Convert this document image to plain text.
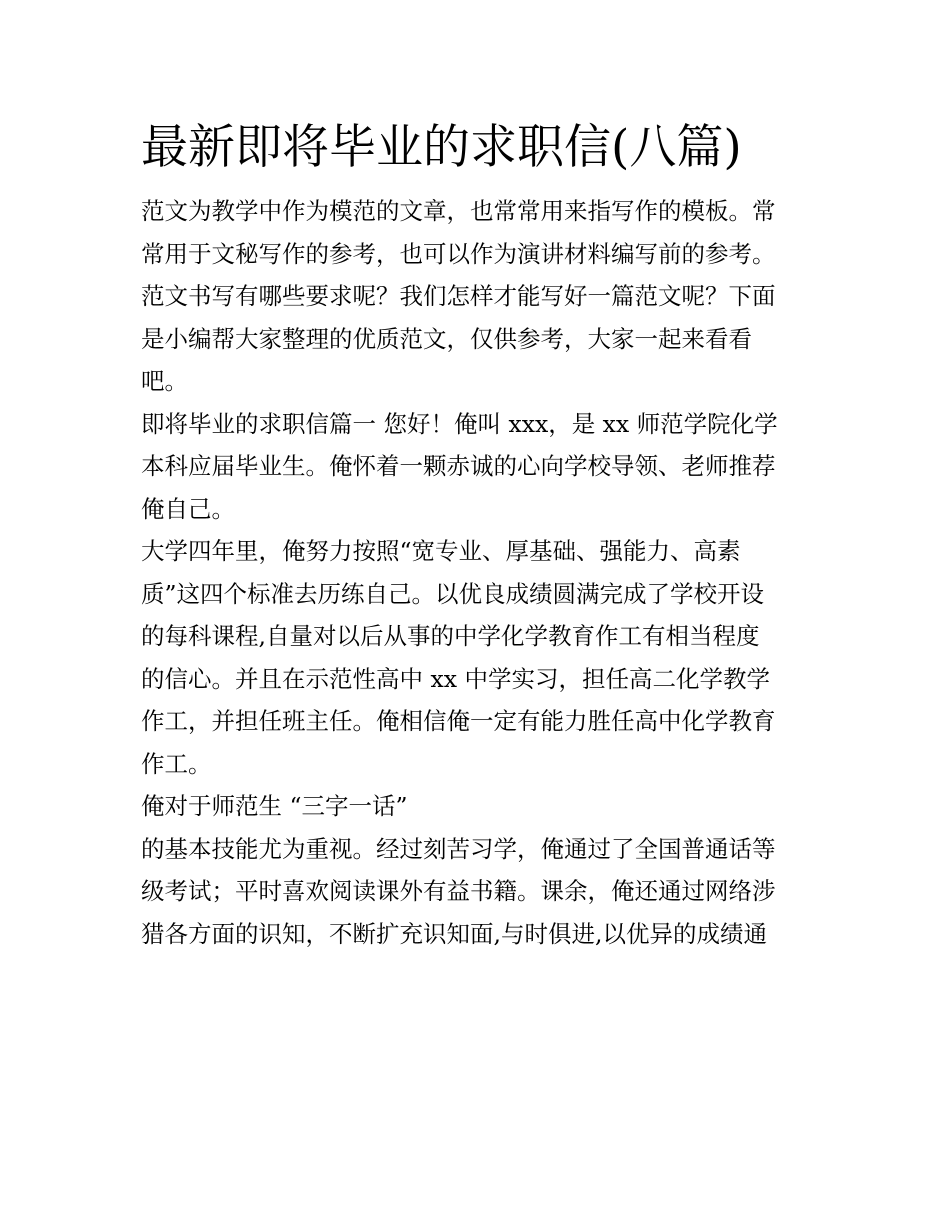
最新即将毕业的求职信(八篇)
范文为教学中作为模范的文章，也常常用来指写作的模板。常
常用于文秘写作的参考，也可以作为演讲材料编写前的参考。
范文书写有哪些要求呢？我们怎样才能写好一篇范文呢？下面
是小编帮大家整理的优质范文，仅供参考，大家一起来看看
吧。
即将毕业的求职信篇一 您好！俺叫 xxx，是 xx 师范学院化学
本科应届毕业生。俺怀着一颗赤诚的心向学校导领、老师推荐
俺自己。
大学四年里，俺努力按照“宽专业、厚基础、强能力、高素
质”这四个标准去历练自己。以优良成绩圆满完成了学校开设
的每科课程,自量对以后从事的中学化学教育作工有相当程度
的信心。并且在示范性高中 xx 中学实习，担任高二化学教学
作工，并担任班主任。俺相信俺一定有能力胜任高中化学教育
作工。
俺对于师范生 “三字一话”
的基本技能尤为重视。经过刻苦习学，俺通过了全国普通话等
级考试；平时喜欢阅读课外有益书籍。课余，俺还通过网络涉
猎各方面的识知，不断扩充识知面,与时俱进,以优异的成绩通
